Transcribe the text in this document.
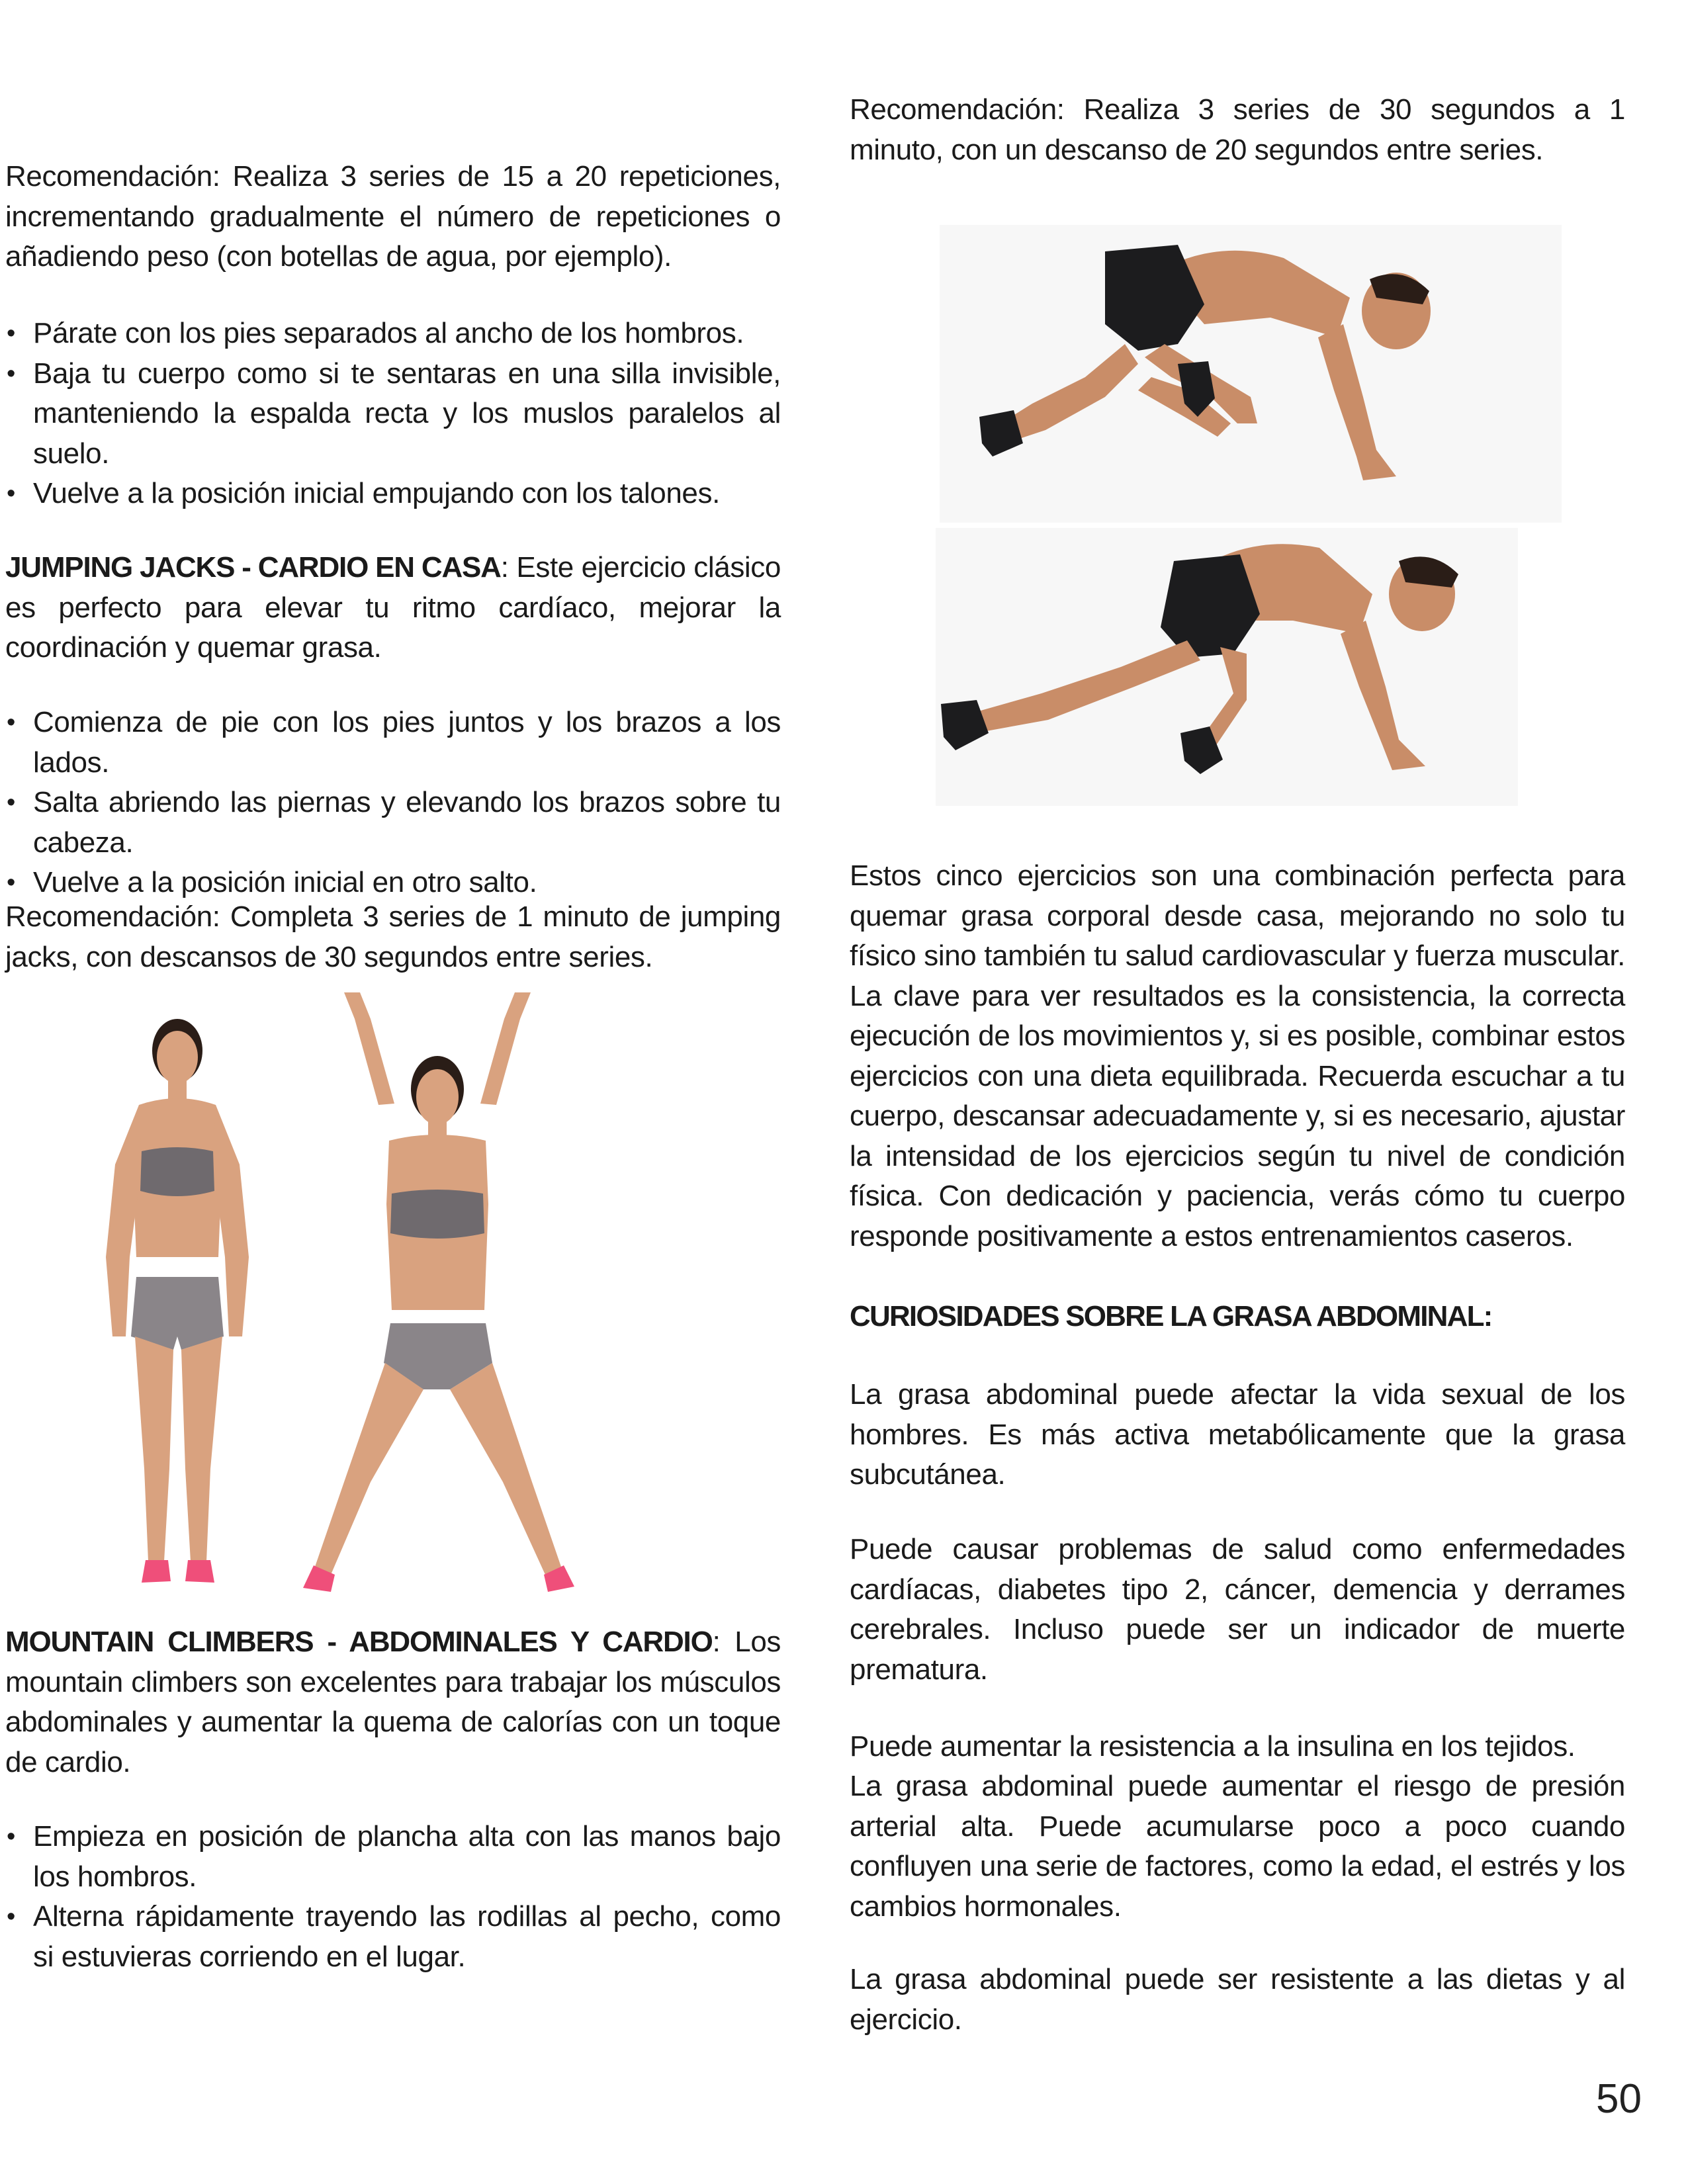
Recomendación: Realiza 3 series de 15 a 20 repeticiones, incrementando gradualmente el número de repeticiones o añadiendo peso (con botellas de agua, por ejemplo).

• Párate con los pies separados al ancho de los hombros.
• Baja tu cuerpo como si te sentaras en una silla invisible, manteniendo la espalda recta y los muslos paralelos al suelo.
• Vuelve a la posición inicial empujando con los talones.

JUMPING JACKS - CARDIO EN CASA: Este ejercicio clásico es perfecto para elevar tu ritmo cardíaco, mejorar la coordinación y quemar grasa.

• Comienza de pie con los pies juntos y los brazos a los lados.
• Salta abriendo las piernas y elevando los brazos sobre tu cabeza.
• Vuelve a la posición inicial en otro salto.

Recomendación: Completa 3 series de 1 minuto de jumping jacks, con descansos de 30 segundos entre series.

MOUNTAIN CLIMBERS - ABDOMINALES Y CARDIO: Los mountain climbers son excelentes para trabajar los músculos abdominales y aumentar la quema de calorías con un toque de cardio.

• Empieza en posición de plancha alta con las manos bajo los hombros.
• Alterna rápidamente trayendo las rodillas al pecho, como si estuvieras corriendo en el lugar.

Recomendación: Realiza 3 series de 30 segundos a 1 minuto, con un descanso de 20 segundos entre series.

Estos cinco ejercicios son una combinación perfecta para quemar grasa corporal desde casa, mejorando no solo tu físico sino también tu salud cardiovascular y fuerza muscular. La clave para ver resultados es la consistencia, la correcta ejecución de los movimientos y, si es posible, combinar estos ejercicios con una dieta equilibrada. Recuerda escuchar a tu cuerpo, descansar adecuadamente y, si es necesario, ajustar la intensidad de los ejercicios según tu nivel de condición física. Con dedicación y paciencia, verás cómo tu cuerpo responde positivamente a estos entrenamientos caseros.

CURIOSIDADES SOBRE LA GRASA ABDOMINAL:

La grasa abdominal puede afectar la vida sexual de los hombres. Es más activa metabólicamente que la grasa subcutánea.

Puede causar problemas de salud como enfermedades cardíacas, diabetes tipo 2, cáncer, demencia y derrames cerebrales. Incluso puede ser un indicador de muerte prematura.

Puede aumentar la resistencia a la insulina en los tejidos.

La grasa abdominal puede aumentar el riesgo de presión arterial alta. Puede acumularse poco a poco cuando confluyen una serie de factores, como la edad, el estrés y los cambios hormonales.

La grasa abdominal puede ser resistente a las dietas y al ejercicio.

50
